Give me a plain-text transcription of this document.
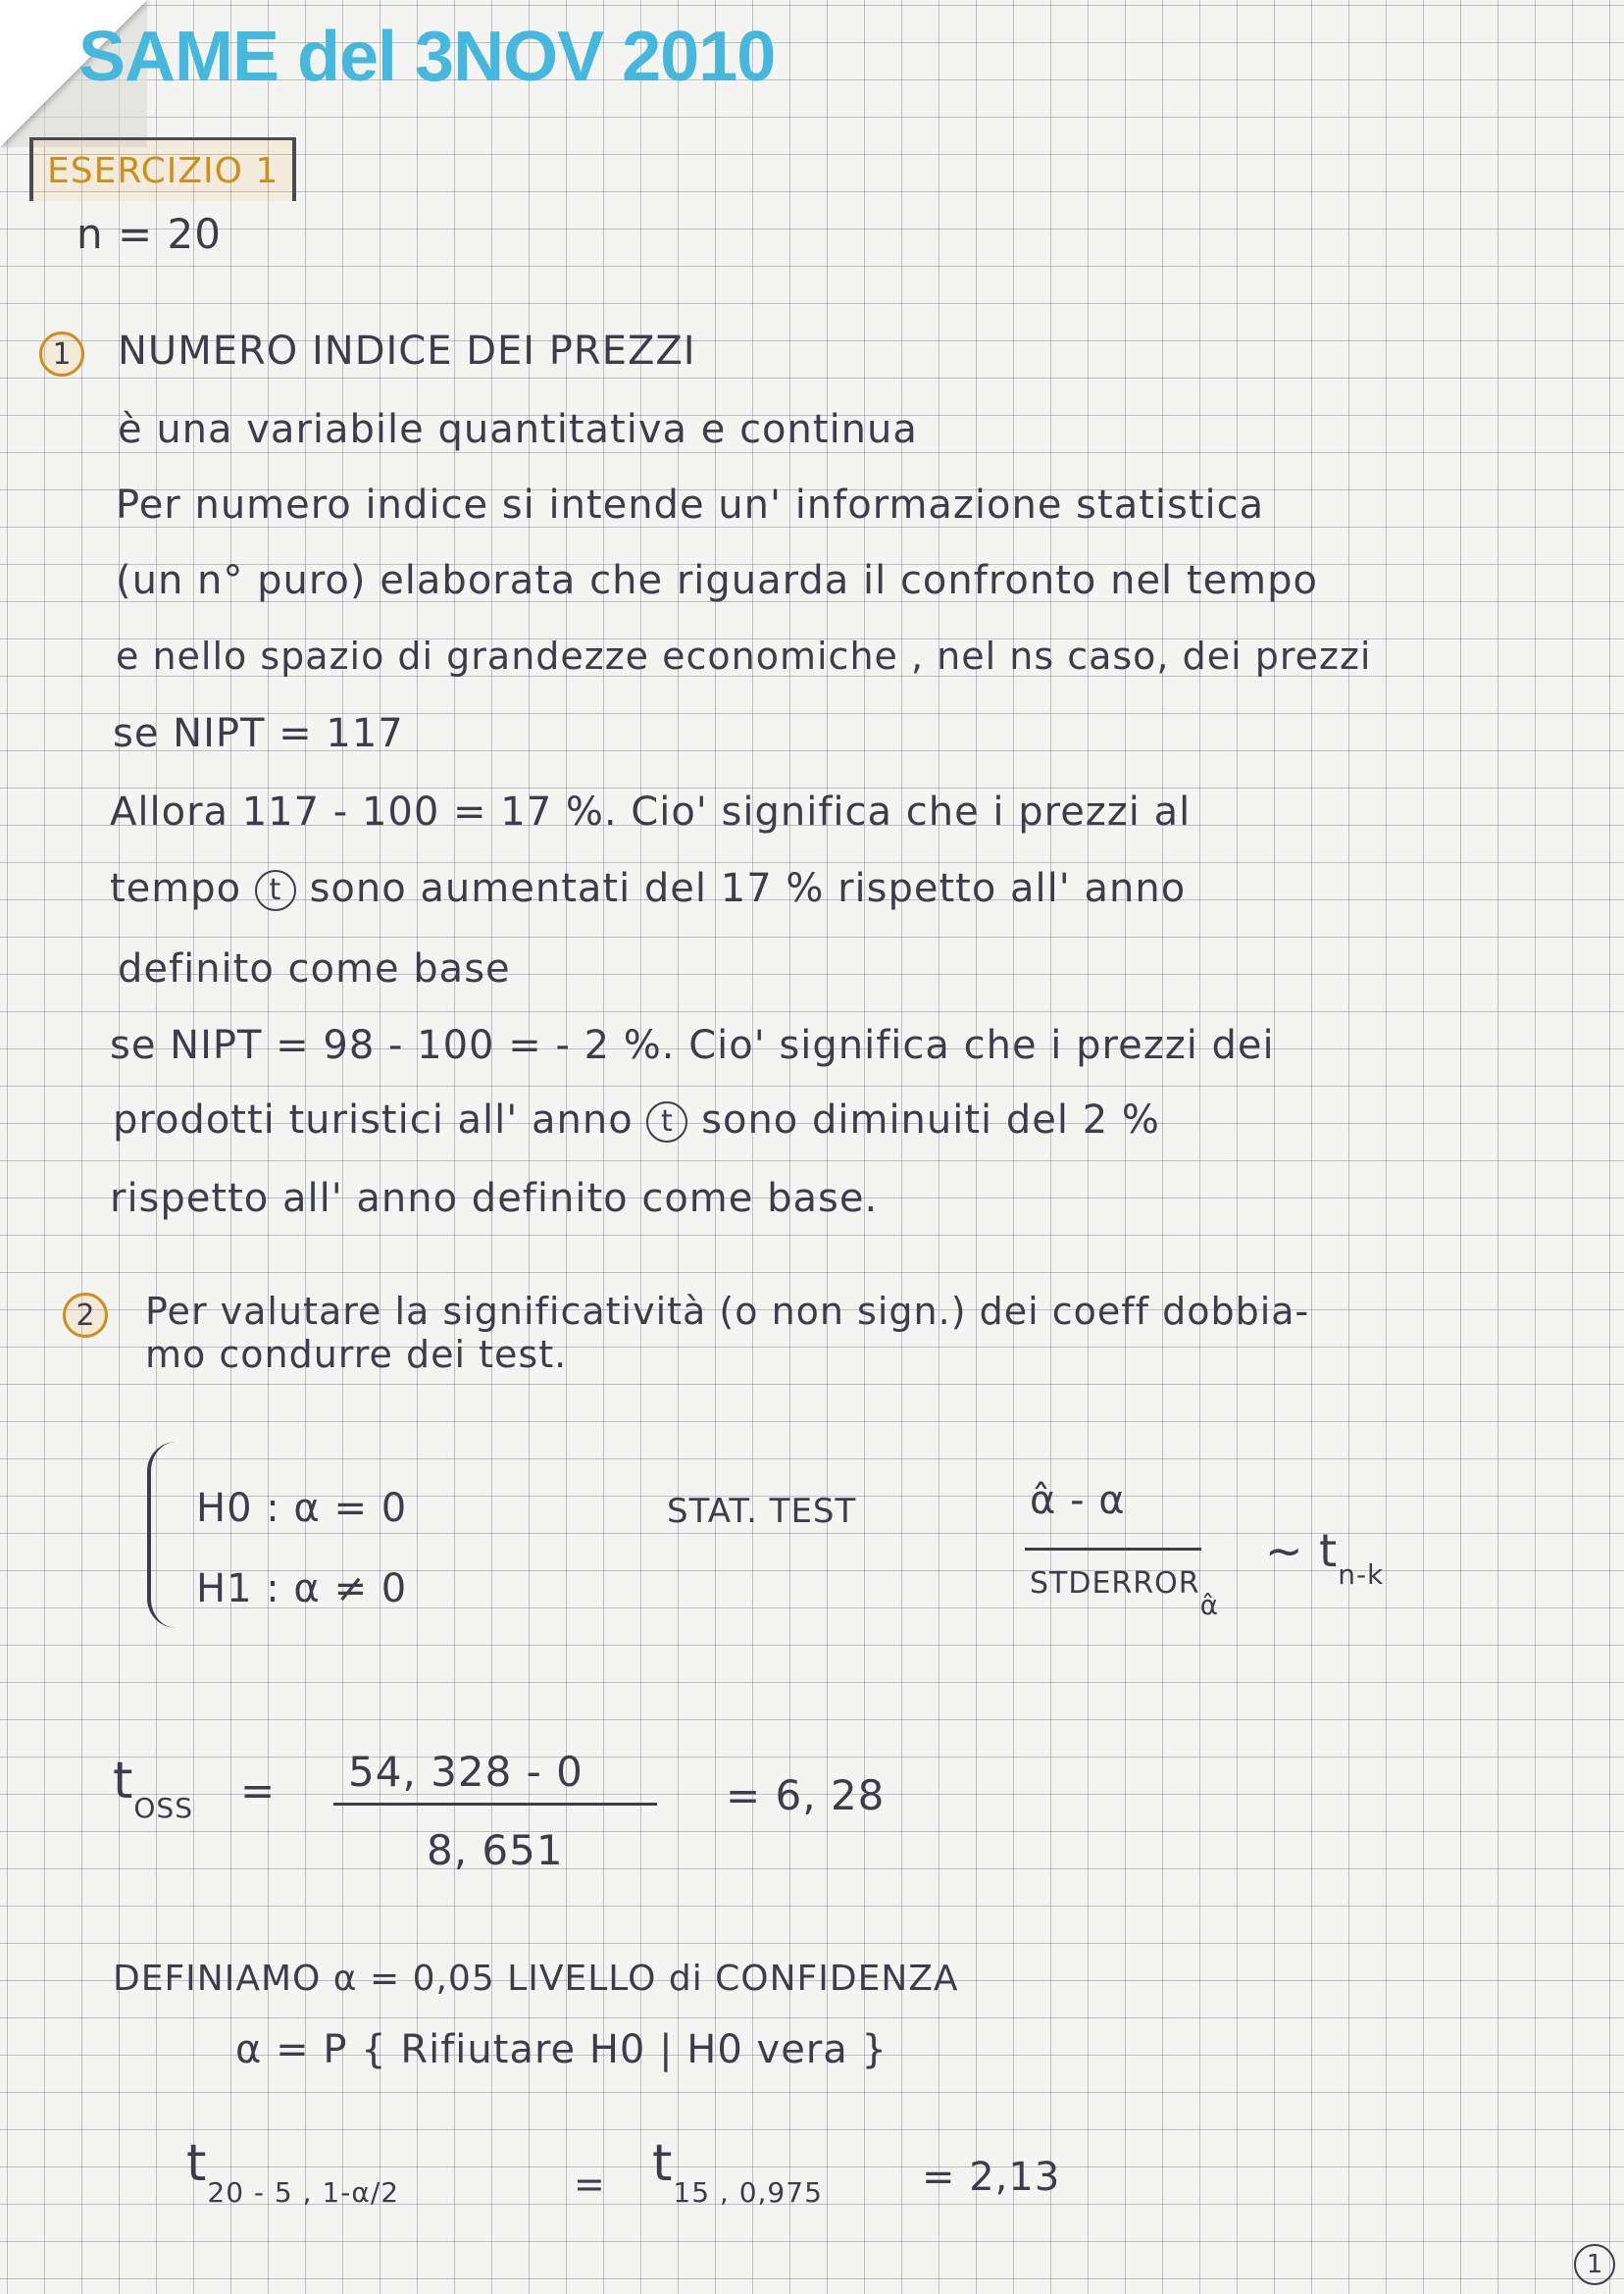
SAME del 3NOV 2010
ESERCIZIO 1
n = 20
1	NUMERO INDICE DEI PREZZI
è una variabile quantitativa e continua
Per numero indice si intende un' informazione statistica
(un n° puro) elaborata che riguarda il confronto nel tempo
e nello spazio di grandezze economiche , nel ns caso, dei prezzi
se NIPT = 117
Allora 117 - 100 = 17 %. Cio' significa che i prezzi al
tempo t sono aumentati del 17 % rispetto all' anno
definito come base
se NIPT = 98 - 100 = - 2 %. Cio' significa che i prezzi dei
prodotti turistici all' anno t sono diminuiti del 2 %
rispetto all' anno definito come base.
2	Per valutare la significatività (o non sign.) dei coeff dobbia-
mo condurre dei test.
H0 : α = 0
H1 : α ≠ 0
STAT. TEST	α̂ - α
STDERRORα̂
~ $t_{n-k}$
$t_{OSS} = 54$, 328 - 0
8, 651
= 6, 28
DEFINIAMO α = 0,05 LIVELLO di CONFIDENZA
α = P { Rifiutare H0 | H0 vera }
$t_{20 - 5 , 1-\alpha/2}$	= $t_{15 , 0,975}$	= 2,13
1
